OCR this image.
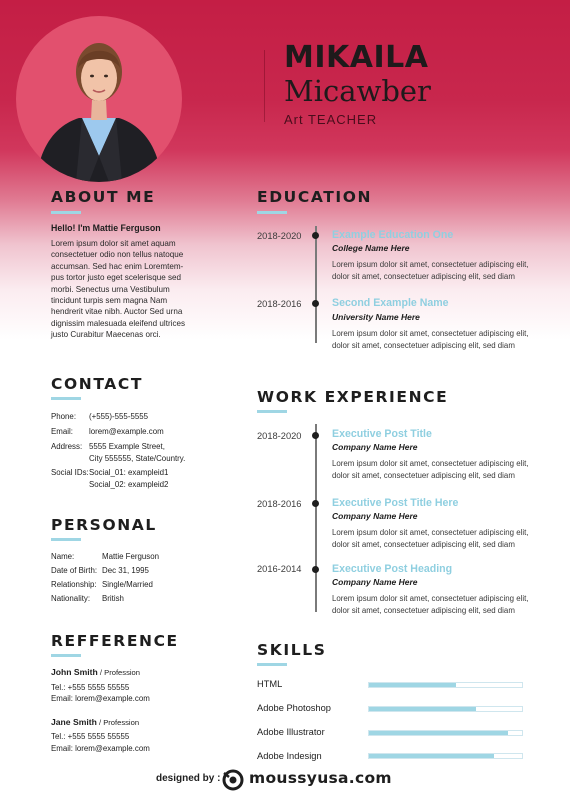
MIKAILA
Micawber
Art TEACHER
ABOUT ME
Hello! I'm Mattie Ferguson
Lorem ipsum dolor sit amet aquam consectetuer odio non tellus natoque accumsan. Sed hac enim Loremtem-pus tortor justo eget scelerisque sed morbi. Senectus urna Vestibulum tincidunt turpis sem magna Nam hendrerit vitae nibh. Auctor Sed urna dignissim malesuada eleifend ultrices justo Curabitur Maecenas orci.
CONTACT
Phone: (+555)-555-5555
Email: lorem@example.com
Address: 5555 Example Street,
City 555555, State/Country.
Social IDs: Social_01: exampleid1
Social_02: exampleid2
PERSONAL
Name:	Mattie Ferguson
Date of Birth: Dec 31, 1995
Relationship: Single/Married
Nationality: British
REFFERENCE
John Smith / Profession
Tel.: +555 5555 55555
Email: lorem@example.com
Jane Smith / Profession
Tel.: +555 5555 55555
Email: lorem@example.com
EDUCATION
2018-2020	Example Education One
College Name Here
Lorem ipsum dolor sit amet, consectetuer adipiscing elit, dolor sit amet, consectetuer adipiscing elit, sed diam
2018-2016	Second Example Name
University Name Here
Lorem ipsum dolor sit amet, consectetuer adipiscing elit, dolor sit amet, consectetuer adipiscing elit, sed diam
WORK EXPERIENCE
2018-2020	Executive Post Title
Company Name Here
Lorem ipsum dolor sit amet, consectetuer adipiscing elit, dolor sit amet, consectetuer adipiscing elit, sed diam
2018-2016	Executive Post Title Here
Company Name Here
Lorem ipsum dolor sit amet, consectetuer adipiscing elit, dolor sit amet, consectetuer adipiscing elit, sed diam
2016-2014	Executive Post Heading
Company Name Here
Lorem ipsum dolor sit amet, consectetuer adipiscing elit, dolor sit amet, consectetuer adipiscing elit, sed diam
SKILLS
HTML
Adobe Photoshop
Adobe Illustrator
Adobe Indesign
designed by : moussyusa.com
